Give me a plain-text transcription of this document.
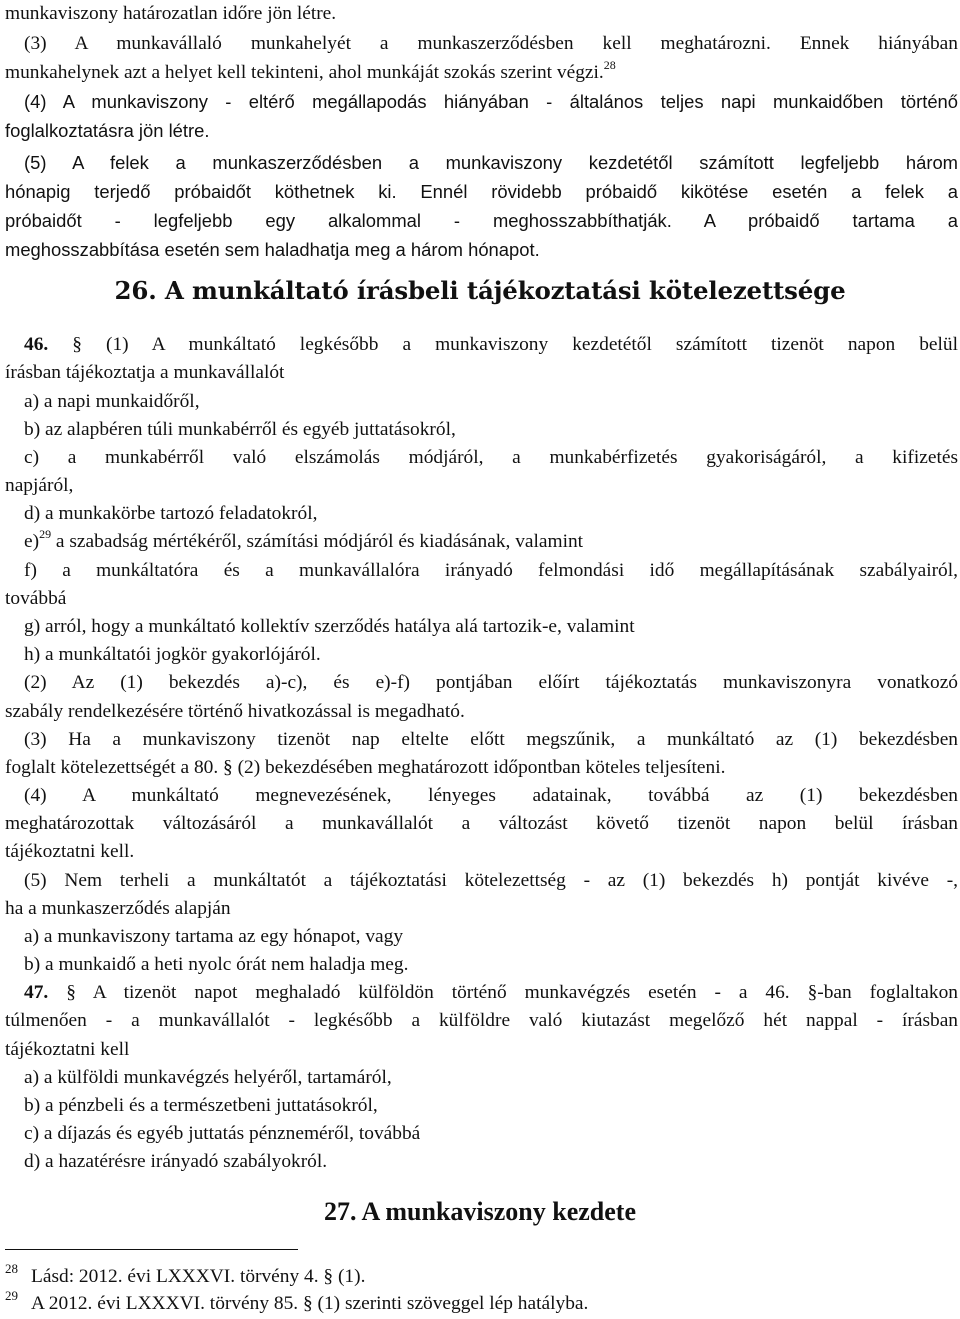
munkaviszony határozatlan időre jön létre.
(3) A munkavállaló munkahelyét a munkaszerződésben kell meghatározni. Ennek hiányában
munkahelynek azt a helyet kell tekinteni, ahol munkáját szokás szerint végzi.$^{28}$
(4) A munkaviszony - eltérő megállapodás hiányában - általános teljes napi munkaidőben történő
foglalkoztatásra jön létre.
(5) A felek a munkaszerződésben a munkaviszony kezdetétől számított legfeljebb három
hónapig terjedő próbaidőt köthetnek ki. Ennél rövidebb próbaidő kikötése esetén a felek a
próbaidőt - legfeljebb egy alkalommal - meghosszabbíthatják. A próbaidő tartama a
meghosszabbítása esetén sem haladhatja meg a három hónapot.
26. A munkáltató írásbeli tájékoztatási kötelezettsége
46. § (1) A munkáltató legkésőbb a munkaviszony kezdetétől számított tizenöt napon belül
írásban tájékoztatja a munkavállalót
a) a napi munkaidőről,
b) az alapbéren túli munkabérről és egyéb juttatásokról,
c) a munkabérről való elszámolás módjáról, a munkabérfizetés gyakoriságáról, a kifizetés
napjáról,
d) a munkakörbe tartozó feladatokról,
e)$^{29}$ a szabadság mértékéről, számítási módjáról és kiadásának, valamint
f) a munkáltatóra és a munkavállalóra irányadó felmondási idő megállapításának szabályairól,
továbbá
g) arról, hogy a munkáltató kollektív szerződés hatálya alá tartozik-e, valamint
h) a munkáltatói jogkör gyakorlójáról.
(2) Az (1) bekezdés a)-c), és e)-f) pontjában előírt tájékoztatás munkaviszonyra vonatkozó
szabály rendelkezésére történő hivatkozással is megadható.
(3) Ha a munkaviszony tizenöt nap eltelte előtt megszűnik, a munkáltató az (1) bekezdésben
foglalt kötelezettségét a 80. § (2) bekezdésében meghatározott időpontban köteles teljesíteni.
(4) A munkáltató megnevezésének, lényeges adatainak, továbbá az (1) bekezdésben
meghatározottak változásáról a munkavállalót a változást követő tizenöt napon belül írásban
tájékoztatni kell.
(5) Nem terheli a munkáltatót a tájékoztatási kötelezettség - az (1) bekezdés h) pontját kivéve -,
ha a munkaszerződés alapján
a) a munkaviszony tartama az egy hónapot, vagy
b) a munkaidő a heti nyolc órát nem haladja meg.
47. § A tizenöt napot meghaladó külföldön történő munkavégzés esetén - a 46. §-ban foglaltakon
túlmenően - a munkavállalót - legkésőbb a külföldre való kiutazást megelőző hét nappal - írásban
tájékoztatni kell
a) a külföldi munkavégzés helyéről, tartamáról,
b) a pénzbeli és a természetbeni juttatásokról,
c) a díjazás és egyéb juttatás pénzneméről, továbbá
d) a hazatérésre irányadó szabályokról.
27. A munkaviszony kezdete
28 Lásd: 2012. évi LXXXVI. törvény 4. § (1).
29 A 2012. évi LXXXVI. törvény 85. § (1) szerinti szöveggel lép hatályba.
